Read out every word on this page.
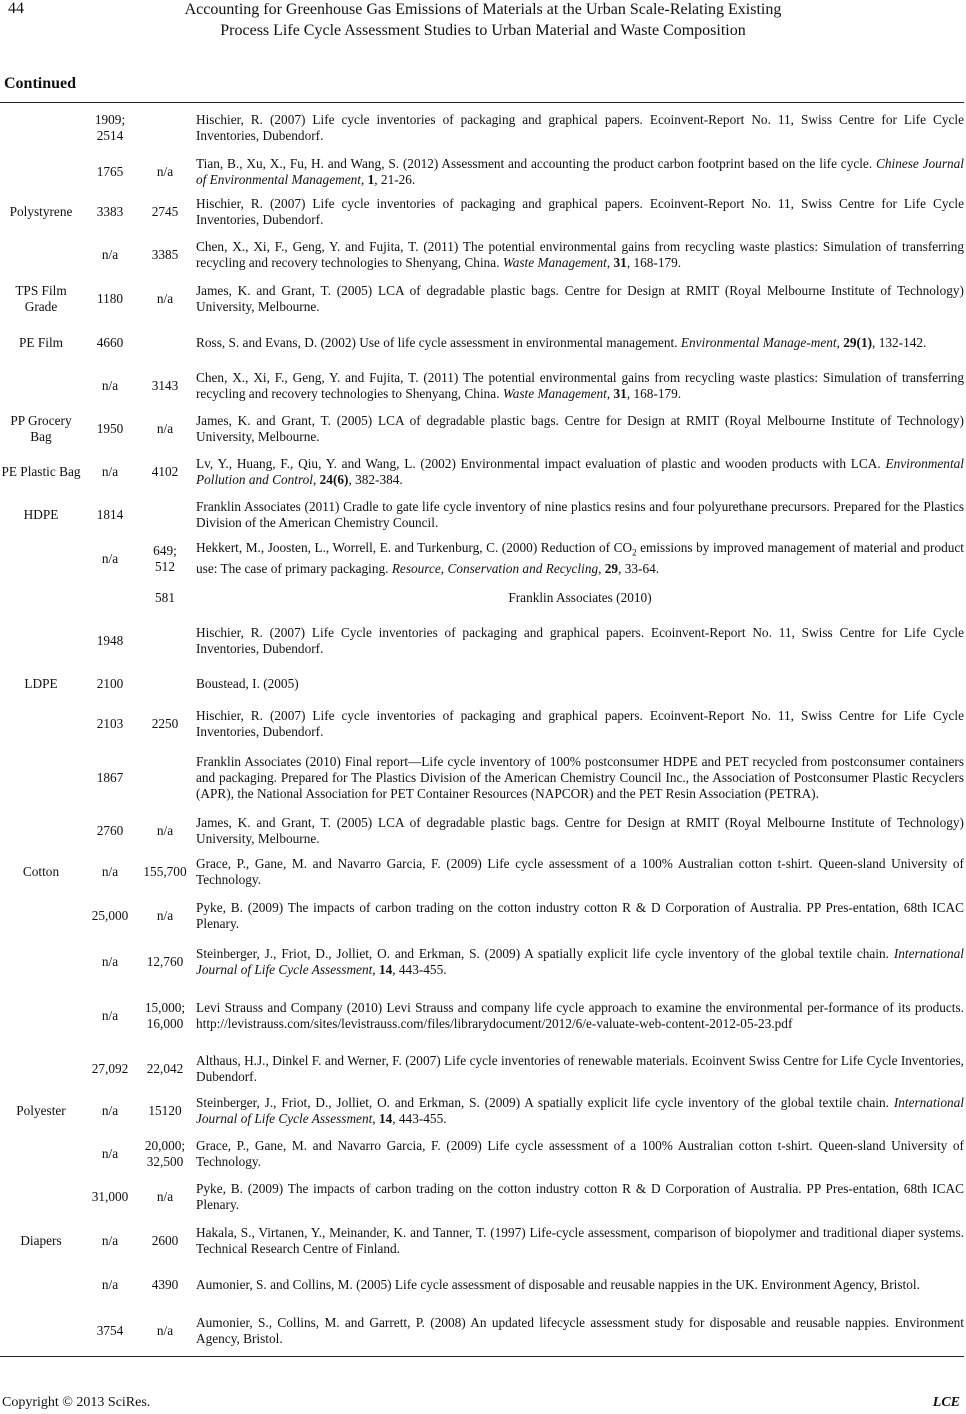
44	Accounting for Greenhouse Gas Emissions of Materials at the Urban Scale-Relating Existing
Process Life Cycle Assessment Studies to Urban Material and Waste Composition
Continued

	1909;
2514		Hischier, R. (2007) Life cycle inventories of packaging and graphical papers. Ecoinvent-Report No. 11, Swiss Centre for Life Cycle Inventories, Dubendorf.

	1765	n/a	Tian, B., Xu, X., Fu, H. and Wang, S. (2012) Assessment and accounting the product carbon footprint based on the life cycle. Chinese Journal of Environmental Management, 1, 21-26.

Polystyrene	3383	2745	Hischier, R. (2007) Life cycle inventories of packaging and graphical papers. Ecoinvent-Report No. 11, Swiss Centre for Life Cycle Inventories, Dubendorf.

	n/a	3385	Chen, X., Xi, F., Geng, Y. and Fujita, T. (2011) The potential environmental gains from recycling waste plastics: Simulation of transferring recycling and recovery technologies to Shenyang, China. Waste Management, 31, 168-179.

TPS Film Grade	1180	n/a	James, K. and Grant, T. (2005) LCA of degradable plastic bags. Centre for Design at RMIT (Royal Melbourne Institute of Technology) University, Melbourne.

PE Film	4660		Ross, S. and Evans, D. (2002) Use of life cycle assessment in environmental management. Environmental Manage-ment, 29(1), 132-142.

	n/a	3143	Chen, X., Xi, F., Geng, Y. and Fujita, T. (2011) The potential environmental gains from recycling waste plastics: Simulation of transferring recycling and recovery technologies to Shenyang, China. Waste Management, 31, 168-179.

PP Grocery Bag	1950	n/a	James, K. and Grant, T. (2005) LCA of degradable plastic bags. Centre for Design at RMIT (Royal Melbourne Institute of Technology) University, Melbourne.

PE Plastic Bag	n/a	4102	Lv, Y., Huang, F., Qiu, Y. and Wang, L. (2002) Environmental impact evaluation of plastic and wooden products with LCA. Environmental Pollution and Control, 24(6), 382-384.

HDPE	1814		Franklin Associates (2011) Cradle to gate life cycle inventory of nine plastics resins and four polyurethane precursors. Prepared for the Plastics Division of the American Chemistry Council.

	n/a	649;
512	Hekkert, M., Joosten, L., Worrell, E. and Turkenburg, C. (2000) Reduction of $CO_2$ emissions by improved management of material and product use: The case of primary packaging. Resource, Conservation and Recycling, 29, 33-64.

		581	Franklin Associates (2010)

	1948		Hischier, R. (2007) Life Cycle inventories of packaging and graphical papers. Ecoinvent-Report No. 11, Swiss Centre for Life Cycle Inventories, Dubendorf.

LDPE	2100		Boustead, I. (2005)

	2103	2250	Hischier, R. (2007) Life cycle inventories of packaging and graphical papers. Ecoinvent-Report No. 11, Swiss Centre for Life Cycle Inventories, Dubendorf.

	1867		Franklin Associates (2010) Final report—Life cycle inventory of 100% postconsumer HDPE and PET recycled from postconsumer containers and packaging. Prepared for The Plastics Division of the American Chemistry Council Inc., the Association of Postconsumer Plastic Recyclers (APR), the National Association for PET Container Resources (NAPCOR) and the PET Resin Association (PETRA).

	2760	n/a	James, K. and Grant, T. (2005) LCA of degradable plastic bags. Centre for Design at RMIT (Royal Melbourne Institute of Technology) University, Melbourne.

Cotton	n/a	155,700	Grace, P., Gane, M. and Navarro Garcia, F. (2009) Life cycle assessment of a 100% Australian cotton t-shirt. Queen-sland University of Technology.

	25,000	n/a	Pyke, B. (2009) The impacts of carbon trading on the cotton industry cotton R & D Corporation of Australia. PP Pres-entation, 68th ICAC Plenary.

	n/a	12,760	Steinberger, J., Friot, D., Jolliet, O. and Erkman, S. (2009) A spatially explicit life cycle inventory of the global textile chain. International Journal of Life Cycle Assessment, 14, 443-455.

	n/a	15,000;
16,000	Levi Strauss and Company (2010) Levi Strauss and company life cycle approach to examine the environmental per-formance of its products. http://levistrauss.com/sites/levistrauss.com/files/librarydocument/2012/6/e-valuate-web-content-2012-05-23.pdf

	27,092	22,042	Althaus, H.J., Dinkel F. and Werner, F. (2007) Life cycle inventories of renewable materials. Ecoinvent Swiss Centre for Life Cycle Inventories, Dubendorf.

Polyester	n/a	15120	Steinberger, J., Friot, D., Jolliet, O. and Erkman, S. (2009) A spatially explicit life cycle inventory of the global textile chain. International Journal of Life Cycle Assessment, 14, 443-455.

	n/a	20,000;
32,500	Grace, P., Gane, M. and Navarro Garcia, F. (2009) Life cycle assessment of a 100% Australian cotton t-shirt. Queen-sland University of Technology.

	31,000	n/a	Pyke, B. (2009) The impacts of carbon trading on the cotton industry cotton R & D Corporation of Australia. PP Pres-entation, 68th ICAC Plenary.

Diapers	n/a	2600	Hakala, S., Virtanen, Y., Meinander, K. and Tanner, T. (1997) Life-cycle assessment, comparison of biopolymer and traditional diaper systems. Technical Research Centre of Finland.

	n/a	4390	Aumonier, S. and Collins, M. (2005) Life cycle assessment of disposable and reusable nappies in the UK. Environment Agency, Bristol.

	3754	n/a	Aumonier, S., Collins, M. and Garrett, P. (2008) An updated lifecycle assessment study for disposable and reusable nappies. Environment Agency, Bristol.
Copyright © 2013 SciRes.	LCE
